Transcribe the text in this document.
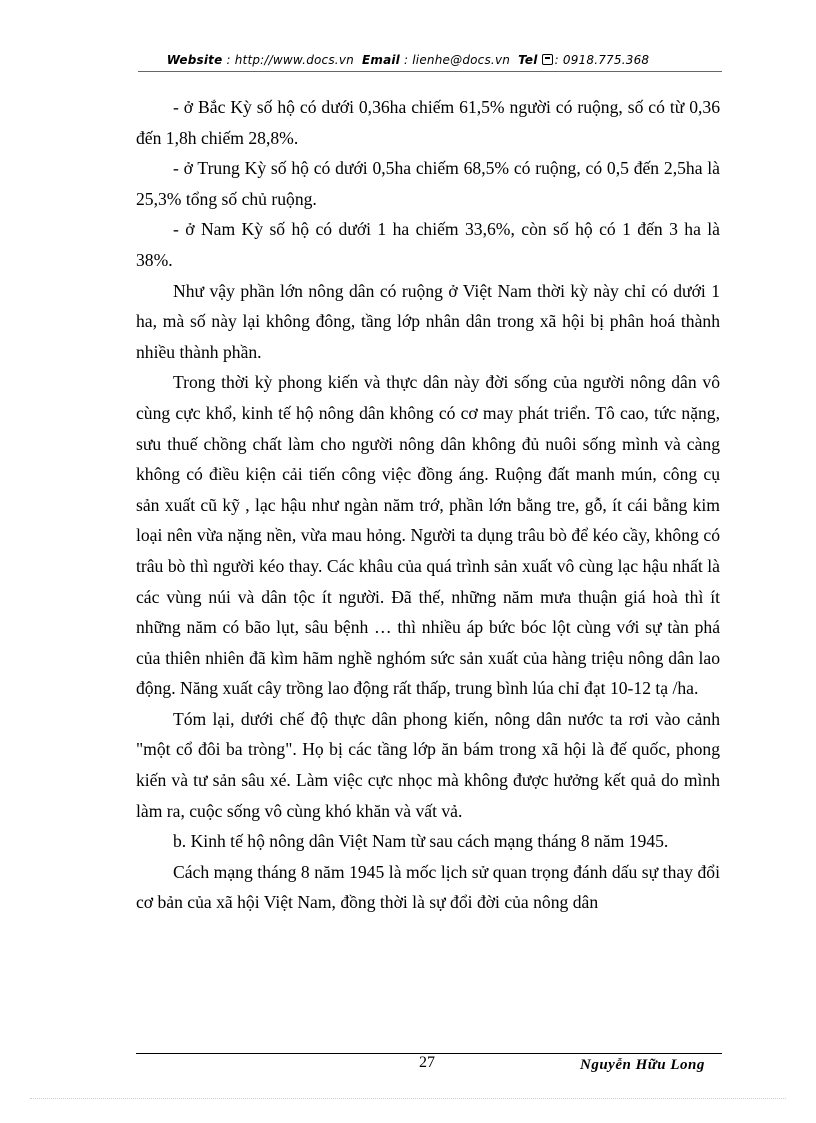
Website : http://www.docs.vn Email : lienhe@docs.vn Tel : 0918.775.368

- ở Bắc Kỳ số hộ có dưới 0,36ha chiếm 61,5% người có ruộng, số có từ 0,36 đến 1,8h chiếm 28,8%.

- ở Trung Kỳ số hộ có dưới 0,5ha chiếm 68,5% có ruộng, có 0,5 đến 2,5ha là 25,3% tổng số chủ ruộng.

- ở Nam Kỳ số hộ có dưới 1 ha chiếm 33,6%, còn số hộ có 1 đến 3 ha là 38%.

Như vậy phần lớn nông dân có ruộng ở Việt Nam thời kỳ này chỉ có dưới 1 ha, mà số này lại không đông, tầng lớp nhân dân trong xã hội bị phân hoá thành nhiều thành phần.

Trong thời kỳ phong kiến và thực dân này đời sống của người nông dân vô cùng cực khổ, kinh tế hộ nông dân không có cơ may phát triển. Tô cao, tức nặng, sưu thuế chồng chất làm cho người nông dân không đủ nuôi sống mình và càng không có điều kiện cải tiến công việc đồng áng. Ruộng đất manh mún, công cụ sản xuất cũ kỹ , lạc hậu như ngàn năm trớ, phần lớn bằng tre, gỗ, ít cái bằng kim loại nên vừa nặng nền, vừa mau hỏng. Người ta dụng trâu bò để kéo cầy, không có trâu bò thì người kéo thay. Các khâu của quá trình sản xuất vô cùng lạc hậu nhất là các vùng núi và dân tộc ít người. Đã thế, những năm mưa thuận giá hoà thì ít những năm có bão lụt, sâu bệnh … thì nhiều áp bức bóc lột cùng với sự tàn phá của thiên nhiên đã kìm hãm nghề nghóm sức sản xuất của hàng triệu nông dân lao động. Năng xuất cây trồng lao động rất thấp, trung bình lúa chỉ đạt 10-12 tạ /ha.

Tóm lại, dưới chế độ thực dân phong kiến, nông dân nước ta rơi vào cảnh "một cổ đôi ba tròng". Họ bị các tầng lớp ăn bám trong xã hội là đế quốc, phong kiến và tư sản sâu xé. Làm việc cực nhọc mà không được hưởng kết quả do mình làm ra, cuộc sống vô cùng khó khăn và vất vả.

b. Kinh tế hộ nông dân Việt Nam từ sau cách mạng tháng 8 năm 1945.

Cách mạng tháng 8 năm 1945 là mốc lịch sử quan trọng đánh dấu sự thay đổi cơ bản của xã hội Việt Nam, đồng thời là sự đổi đời của nông dân

27	Nguyễn Hữu Long
